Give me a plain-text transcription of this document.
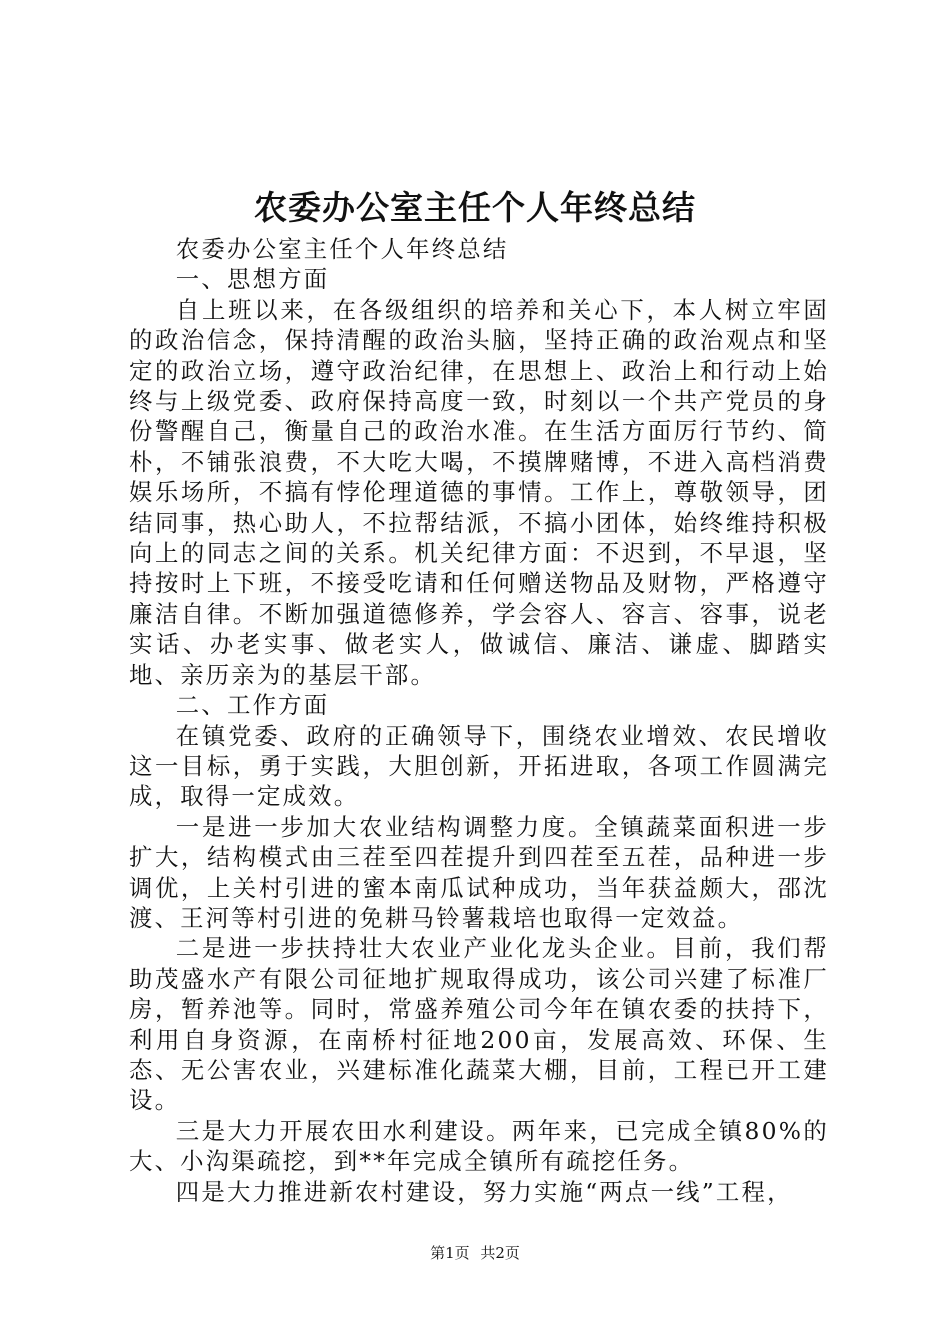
农委办公室主任个人年终总结

农委办公室主任个人年终总结

一、思想方面

自上班以来，在各级组织的培养和关心下，本人树立牢固的政治信念，保持清醒的政治头脑，坚持正确的政治观点和坚定的政治立场，遵守政治纪律，在思想上、政治上和行动上始终与上级党委、政府保持高度一致，时刻以一个共产党员的身份警醒自己，衡量自己的政治水准。在生活方面厉行节约、简朴，不铺张浪费，不大吃大喝，不摸牌赌博，不进入高档消费娱乐场所，不搞有悖伦理道德的事情。工作上，尊敬领导，团结同事，热心助人，不拉帮结派，不搞小团体，始终维持积极向上的同志之间的关系。机关纪律方面：不迟到，不早退，坚持按时上下班，不接受吃请和任何赠送物品及财物，严格遵守廉洁自律。不断加强道德修养，学会容人、容言、容事，说老实话、办老实事、做老实人，做诚信、廉洁、谦虚、脚踏实地、亲历亲为的基层干部。

二、工作方面

在镇党委、政府的正确领导下，围绕农业增效、农民增收这一目标，勇于实践，大胆创新，开拓进取，各项工作圆满完成，取得一定成效。

一是进一步加大农业结构调整力度。全镇蔬菜面积进一步扩大，结构模式由三茬至四茬提升到四茬至五茬，品种进一步调优，上关村引进的蜜本南瓜试种成功，当年获益颇大，邵沈渡、王河等村引进的免耕马铃薯栽培也取得一定效益。

二是进一步扶持壮大农业产业化龙头企业。目前，我们帮助茂盛水产有限公司征地扩规取得成功，该公司兴建了标准厂房，暂养池等。同时，常盛养殖公司今年在镇农委的扶持下，利用自身资源，在南桥村征地200亩，发展高效、环保、生态、无公害农业，兴建标准化蔬菜大棚，目前，工程已开工建设。

三是大力开展农田水利建设。两年来，已完成全镇80%的大、小沟渠疏挖，到**年完成全镇所有疏挖任务。

四是大力推进新农村建设，努力实施“两点一线”工程，

第1页 共2页
